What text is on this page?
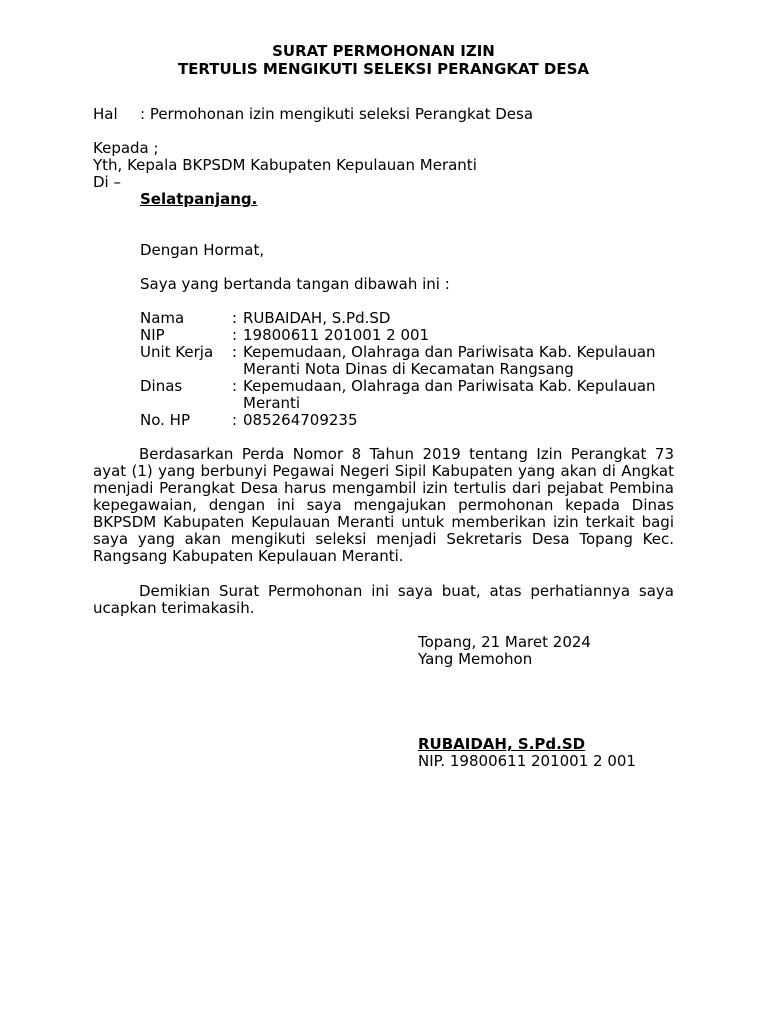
SURAT PERMOHONAN IZIN
TERTULIS MENGIKUTI SELEKSI PERANGKAT DESA
Hal : Permohonan izin mengikuti seleksi Perangkat Desa
Kepada ;
Yth, Kepala BKPSDM Kabupaten Kepulauan Meranti
Di –
Selatpanjang.
Dengan Hormat,
Saya yang bertanda tangan dibawah ini :
Nama	: RUBAIDAH, S.Pd.SD
NIP	: 19800611 201001 2 001
Unit Kerja : Kepemudaan, Olahraga dan Pariwisata Kab. Kepulauan
Meranti Nota Dinas di Kecamatan Rangsang
Dinas	: Kepemudaan, Olahraga dan Pariwisata Kab. Kepulauan
Meranti
No. HP	: 085264709235
Berdasarkan Perda Nomor 8 Tahun 2019 tentang Izin Perangkat 73 ayat (1) yang berbunyi Pegawai Negeri Sipil Kabupaten yang akan di Angkat menjadi Perangkat Desa harus mengambil izin tertulis dari pejabat Pembina kepegawaian, dengan ini saya mengajukan permohonan kepada Dinas BKPSDM Kabupaten Kepulauan Meranti untuk memberikan izin terkait bagi saya yang akan mengikuti seleksi menjadi Sekretaris Desa Topang Kec. Rangsang Kabupaten Kepulauan Meranti.
Demikian Surat Permohonan ini saya buat, atas perhatiannya saya ucapkan terimakasih.
Topang, 21 Maret 2024
Yang Memohon
RUBAIDAH, S.Pd.SD
NIP. 19800611 201001 2 001
